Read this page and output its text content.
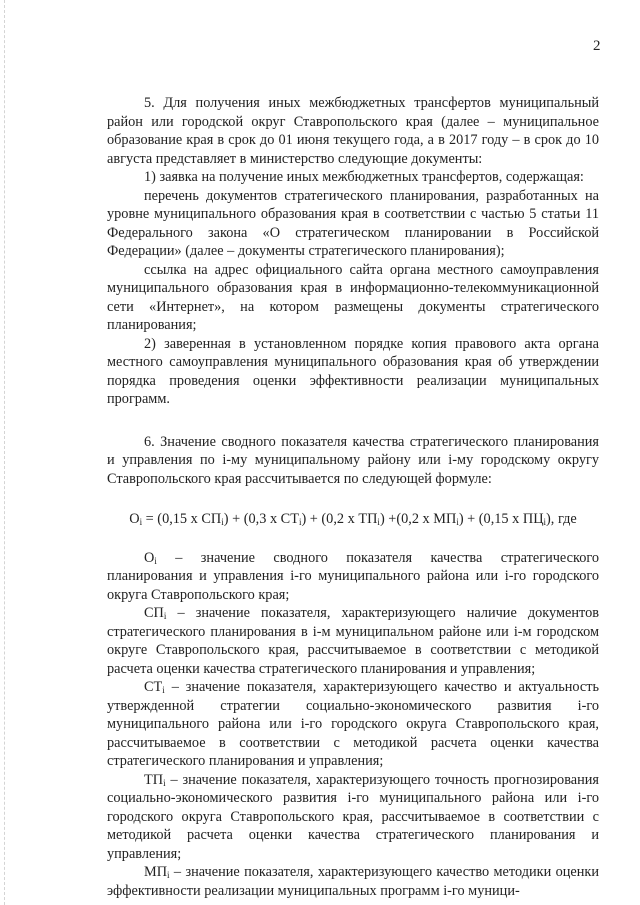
2

5. Для получения иных межбюджетных трансфертов муниципальный район или городской округ Ставропольского края (далее – муниципальное образование края в срок до 01 июня текущего года, а в 2017 году – в срок до 10 августа представляет в министерство следующие документы:

1) заявка на получение иных межбюджетных трансфертов, содержащая:

перечень документов стратегического планирования, разработанных на уровне муниципального образования края в соответствии с частью 5 статьи 11 Федерального закона «О стратегическом планировании в Российской Федерации» (далее – документы стратегического планирования);

ссылка на адрес официального сайта органа местного самоуправления муниципального образования края в информационно-телекоммуникационной сети «Интернет», на котором размещены документы стратегического планирования;

2) заверенная в установленном порядке копия правового акта органа местного самоуправления муниципального образования края об утверждении порядка проведения оценки эффективности реализации муниципальных программ.

6. Значение сводного показателя качества стратегического планирования и управления по i-му муниципальному району или i-му городскому округу Ставропольского края рассчитывается по следующей формуле:

$O_i = (0,15$ х $СП_i) + (0,3$ х $СТ_i) + (0,2$ х $ТП_i) +(0,2$ х $МП_i) + (0,15$ х $ПЦ_i$), где

$O_i$ – значение сводного показателя качества стратегического планирования и управления i-го муниципального района или i-го городского округа Ставропольского края;

$СП_i$ – значение показателя, характеризующего наличие документов стратегического планирования в i-м муниципальном районе или i-м городском округе Ставропольского края, рассчитываемое в соответствии с методикой расчета оценки качества стратегического планирования и управления;

$СТ_i$ – значение показателя, характеризующего качество и актуальность утвержденной стратегии социально-экономического развития i-го муниципального района или i-го городского округа Ставропольского края, рассчитываемое в соответствии с методикой расчета оценки качества стратегического планирования и управления;

$ТП_i$ – значение показателя, характеризующего точность прогнозирования социально-экономического развития i-го муниципального района или i-го городского округа Ставропольского края, рассчитываемое в соответствии с методикой расчета оценки качества стратегического планирования и управления;

$МП_i$ – значение показателя, характеризующего качество методики оценки эффективности реализации муниципальных программ i-го муници-
